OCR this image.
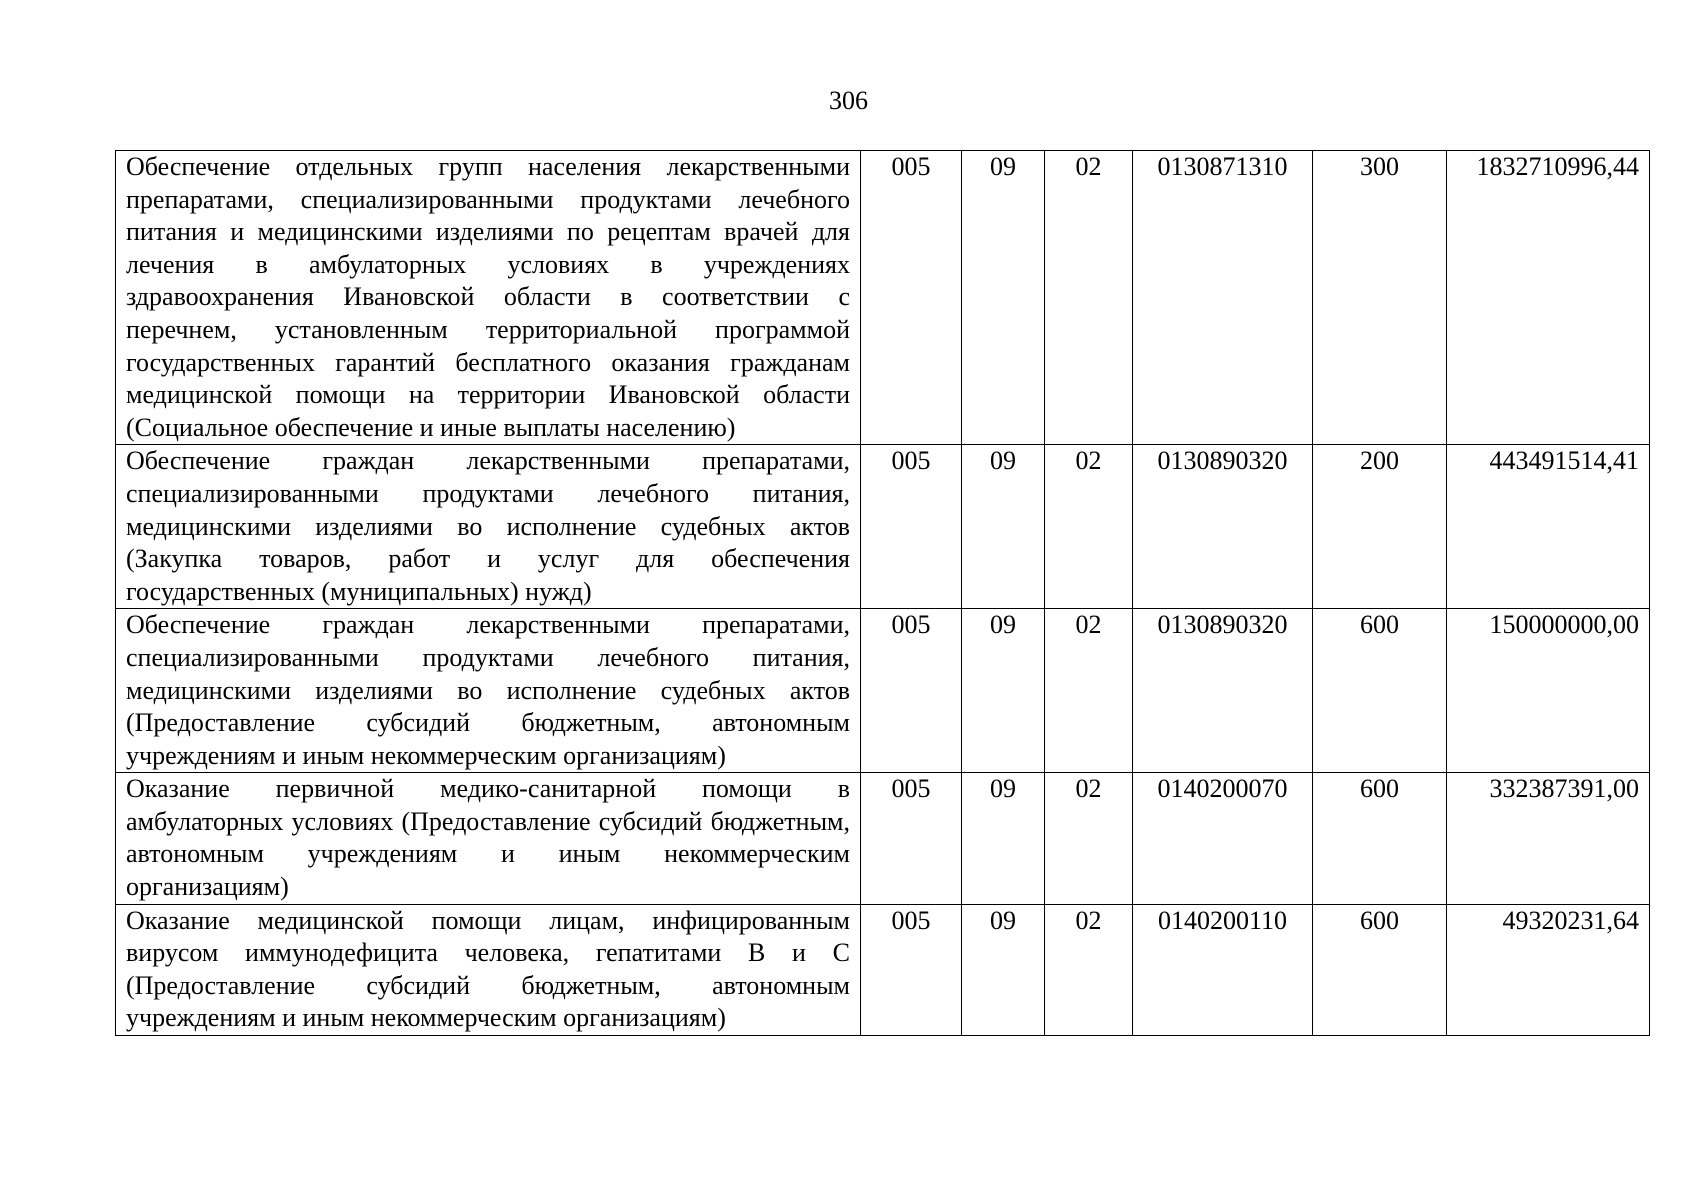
306
Обеспечение отдельных групп населения лекарственными препаратами, специализированными продуктами лечебного питания и медицинскими изделиями по рецептам врачей для лечения в амбулаторных условиях в учреждениях здравоохранения Ивановской области в соответствии с перечнем, установленным территориальной программой государственных гарантий бесплатного оказания гражданам медицинской помощи на территории Ивановской области (Социальное обеспечение и иные выплаты населению)	005	09	02	0130871310	300	1832710996,44
Обеспечение граждан лекарственными препаратами, специализированными продуктами лечебного питания, медицинскими изделиями во исполнение судебных актов (Закупка товаров, работ и услуг для обеспечения государственных (муниципальных) нужд)	005	09	02	0130890320	200	443491514,41
Обеспечение граждан лекарственными препаратами, специализированными продуктами лечебного питания, медицинскими изделиями во исполнение судебных актов (Предоставление субсидий бюджетным, автономным учреждениям и иным некоммерческим организациям)	005	09	02	0130890320	600	150000000,00
Оказание первичной медико-санитарной помощи в амбулаторных условиях (Предоставление субсидий бюджетным, автономным учреждениям и иным некоммерческим организациям)	005	09	02	0140200070	600	332387391,00
Оказание медицинской помощи лицам, инфицированным вирусом иммунодефицита человека, гепатитами В и С (Предоставление субсидий бюджетным, автономным учреждениям и иным некоммерческим организациям)	005	09	02	0140200110	600	49320231,64
